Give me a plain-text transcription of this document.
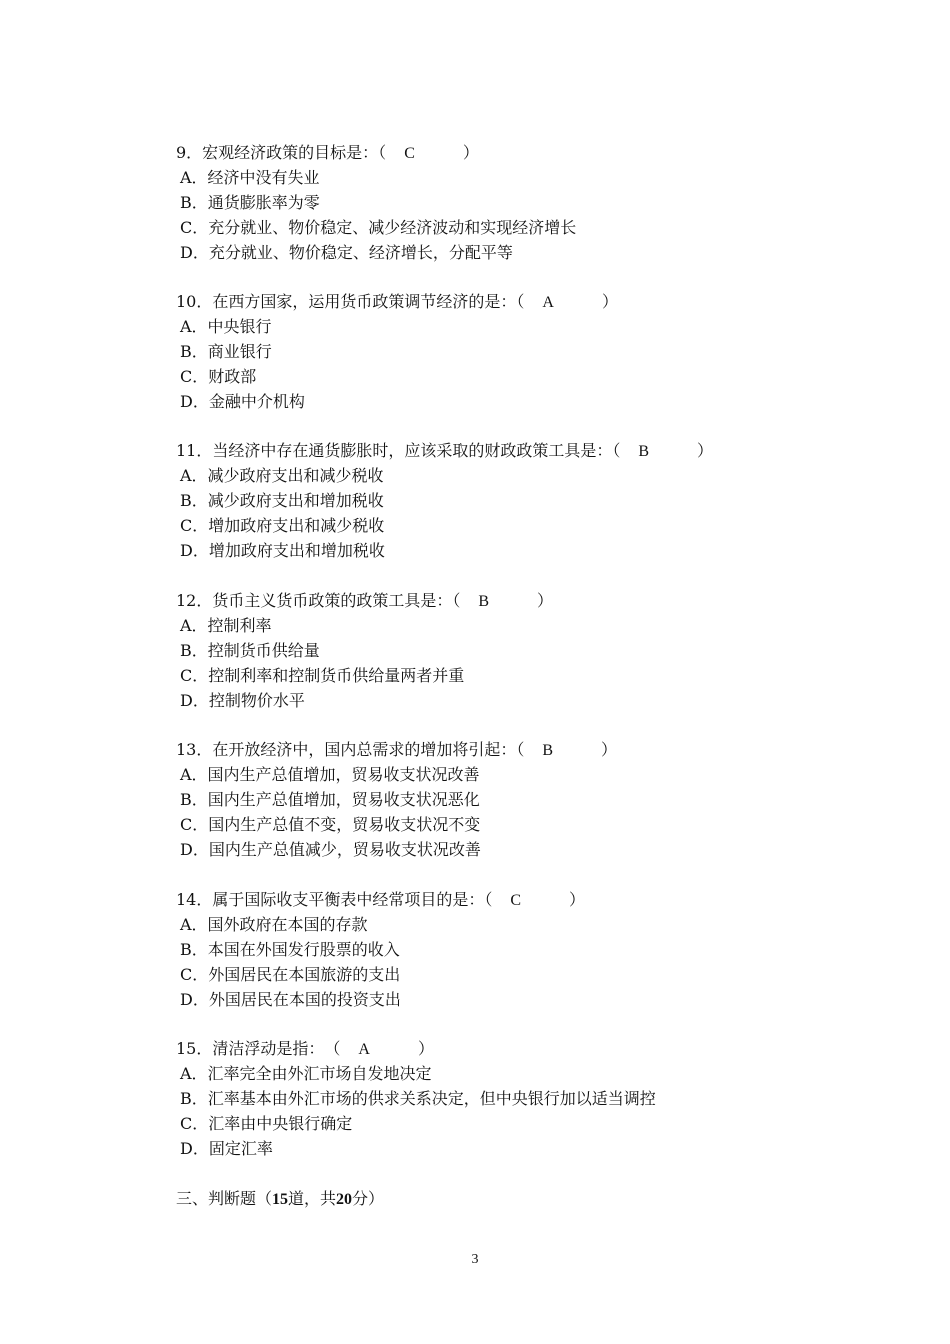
9．宏观经济政策的目标是：（ C	）
A．经济中没有失业
B．通货膨胀率为零
C．充分就业、物价稳定、减少经济波动和实现经济增长
D．充分就业、物价稳定、经济增长，分配平等
10．在西方国家，运用货币政策调节经济的是：（ A	）
A．中央银行
B．商业银行
C．财政部
D．金融中介机构
11．当经济中存在通货膨胀时，应该采取的财政政策工具是：（ B	）
A．减少政府支出和减少税收
B．减少政府支出和增加税收
C．增加政府支出和减少税收
D．增加政府支出和增加税收
12．货币主义货币政策的政策工具是：（ B	）
A．控制利率
B．控制货币供给量
C．控制利率和控制货币供给量两者并重
D．控制物价水平
13．在开放经济中，国内总需求的增加将引起：（ B	）
A．国内生产总值增加，贸易收支状况改善
B．国内生产总值增加，贸易收支状况恶化
C．国内生产总值不变，贸易收支状况不变
D．国内生产总值减少，贸易收支状况改善
14．属于国际收支平衡表中经常项目的是：（ C	）
A．国外政府在本国的存款
B．本国在外国发行股票的收入
C．外国居民在本国旅游的支出
D．外国居民在本国的投资支出
15．清洁浮动是指：　（ A	）
A．汇率完全由外汇市场自发地决定
B．汇率基本由外汇市场的供求关系决定，但中央银行加以适当调控
C．汇率由中央银行确定
D．固定汇率
三、判断题（15道，共20分）
3
